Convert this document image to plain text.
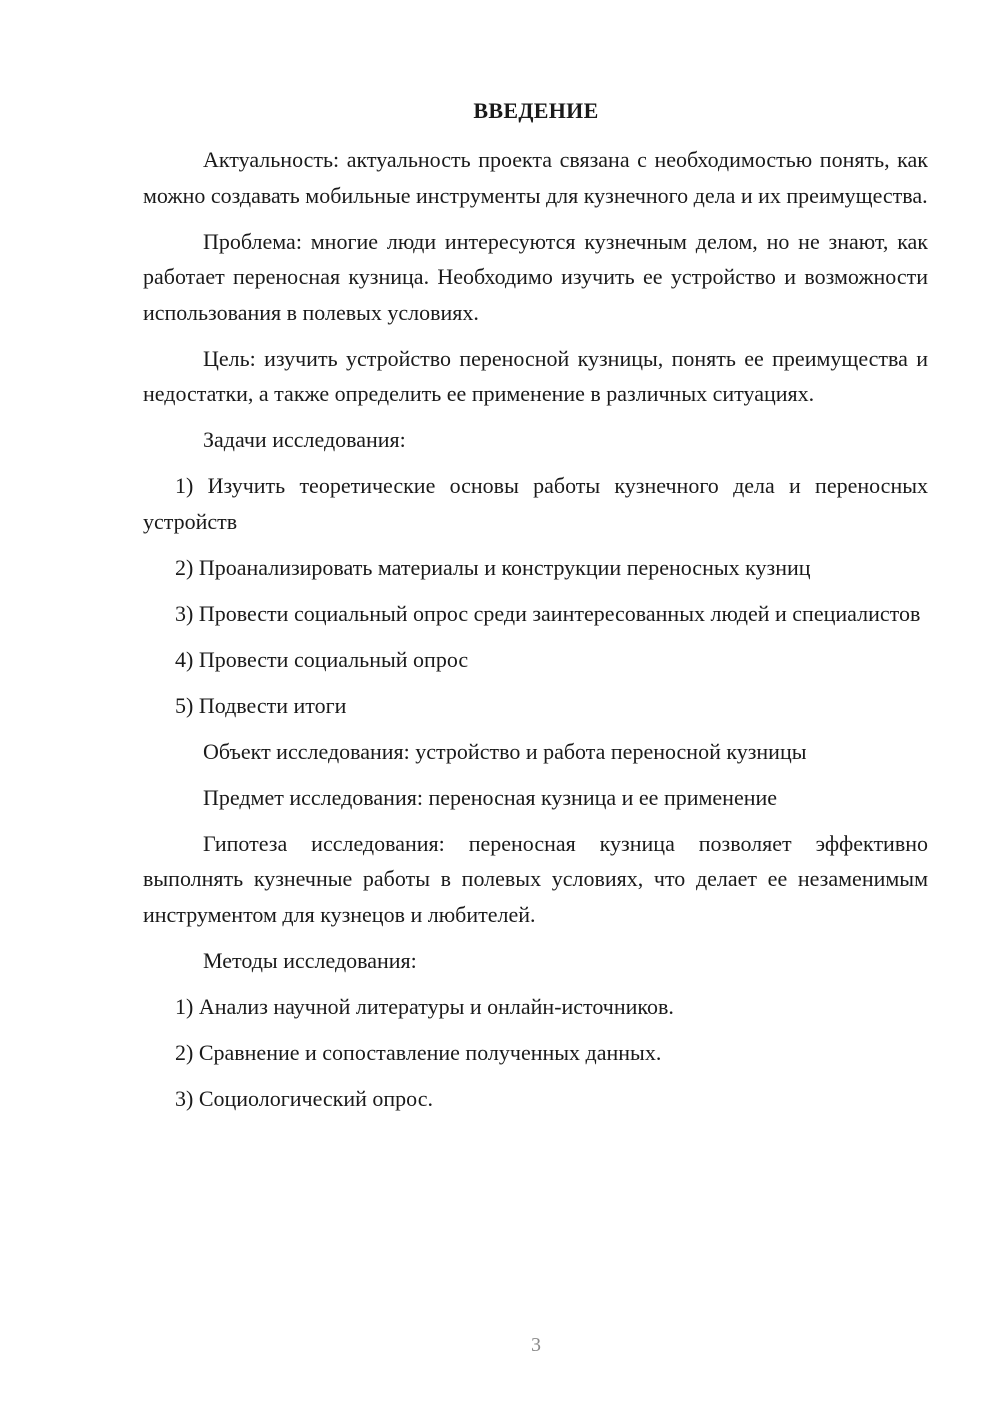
ВВЕДЕНИЕ

Актуальность: актуальность проекта связана с необходимостью понять, как можно создавать мобильные инструменты для кузнечного дела и их преимущества.

Проблема: многие люди интересуются кузнечным делом, но не знают, как работает переносная кузница. Необходимо изучить ее устройство и возможности использования в полевых условиях.

Цель: изучить устройство переносной кузницы, понять ее преимущества и недостатки, а также определить ее применение в различных ситуациях.

Задачи исследования:

1) Изучить теоретические основы работы кузнечного дела и переносных устройств

2) Проанализировать материалы и конструкции переносных кузниц

3) Провести социальный опрос среди заинтересованных людей и специалистов

4) Провести социальный опрос

5) Подвести итоги

Объект исследования: устройство и работа переносной кузницы

Предмет исследования: переносная кузница и ее применение

Гипотеза исследования: переносная кузница позволяет эффективно выполнять кузнечные работы в полевых условиях, что делает ее незаменимым инструментом для кузнецов и любителей.

Методы исследования:

1) Анализ научной литературы и онлайн-источников.

2) Сравнение и сопоставление полученных данных.

3) Социологический опрос.

3
